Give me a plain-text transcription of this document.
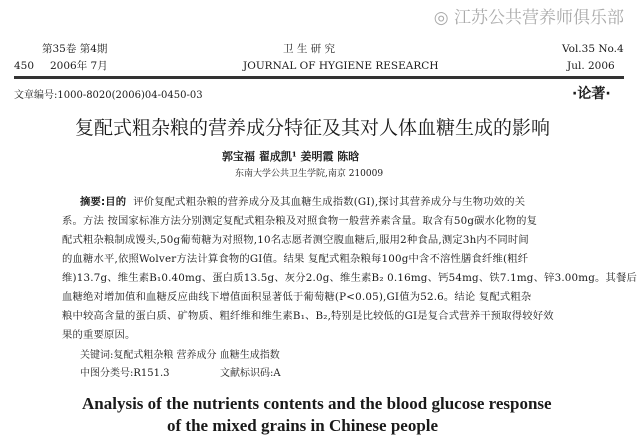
◎ 江苏公共营养师俱乐部
第35卷 第4期
450 2006年 7月
卫 生 研 究
JOURNAL OF HYGIENE RESEARCH
Vol.35 No.4
Jul. 2006
文章编号:1000-8020(2006)04-0450-03	·论著·
复配式粗杂粮的营养成分特征及其对人体血糖生成的影响
郭宝福 翟成凯¹ 姜明霞 陈晗
东南大学公共卫生学院,南京 210009
摘要:目的 评价复配式粗杂粮的营养成分及其血糖生成指数(GI),探讨其营养成分与生物功效的关
系。方法 按国家标准方法分别测定复配式粗杂粮及对照食物一般营养素含量。取含有50g碳水化物的复
配式粗杂粮制成馒头,50g葡萄糖为对照物,10名志愿者测空腹血糖后,服用2种食品,测定3h内不同时间
的血糖水平,依照Wolver方法计算食物的GI值。结果 复配式粗杂粮每100g中含不溶性膳食纤维(粗纤
维)13.7g、维生素B₁0.40mg、蛋白质13.5g、灰分2.0g、维生素B₂ 0.16mg、钙54mg、铁7.1mg、锌3.00mg。其餐后
血糖绝对增加值和血糖反应曲线下增值面积显著低于葡萄糖(P<0.05),GI值为52.6。结论 复配式粗杂
粮中较高含量的蛋白质、矿物质、粗纤维和维生素B₁、B₂,特别是比较低的GI是复合式营养干预取得较好效
果的重要原因。
关键词:复配式粗杂粮 营养成分 血糖生成指数
中图分类号:R151.3	文献标识码:A
Analysis of the nutrients contents and the blood glucose response
of the mixed grains in Chinese people
